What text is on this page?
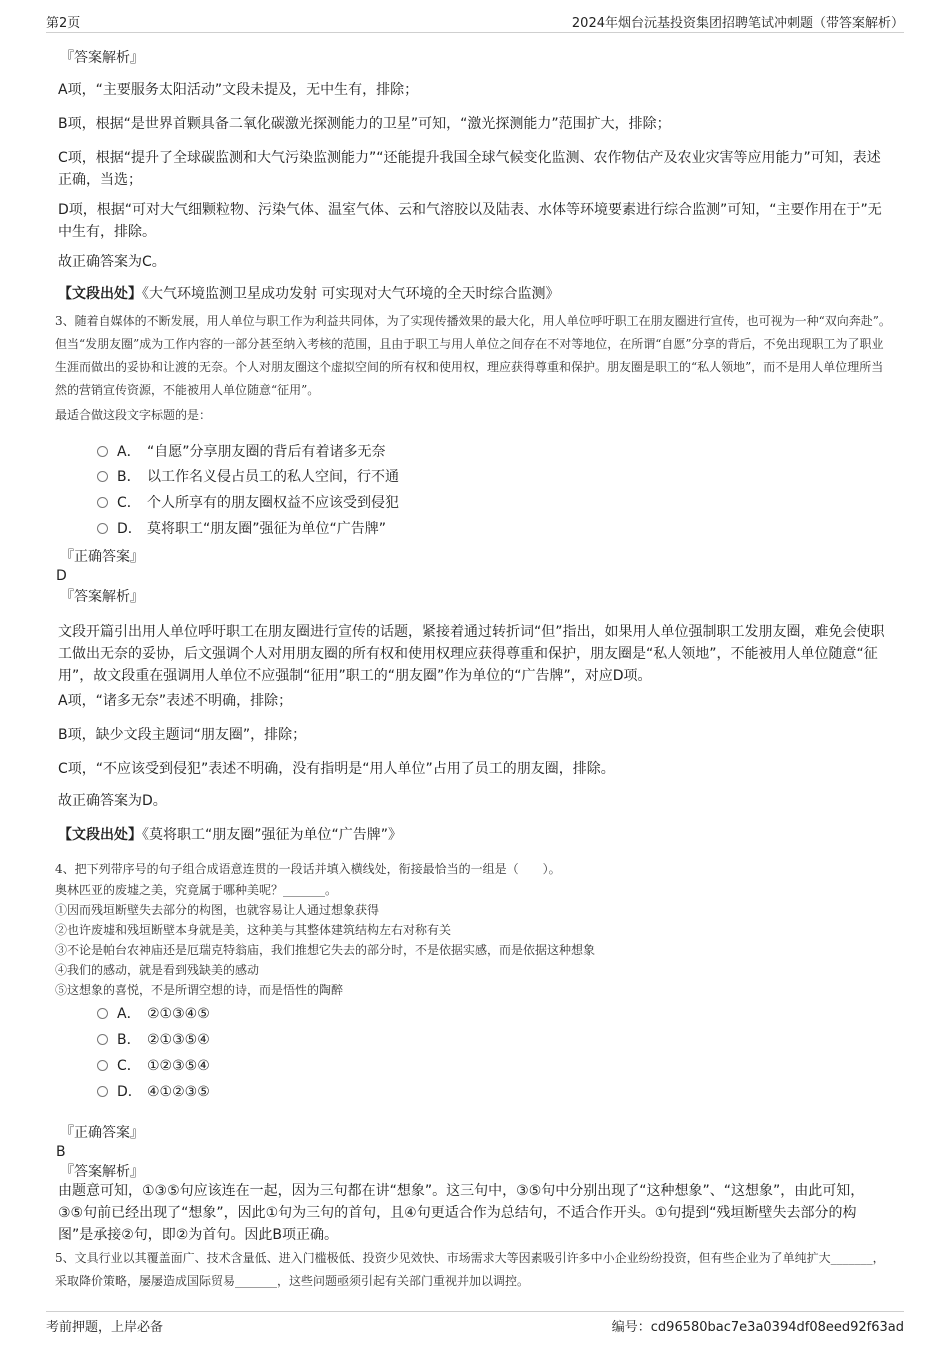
第2页	2024年烟台沅基投资集团招聘笔试冲刺题（带答案解析）
『答案解析』
A项，“主要服务太阳活动”文段未提及，无中生有，排除；
B项，根据“是世界首颗具备二氧化碳激光探测能力的卫星”可知，“激光探测能力”范围扩大，排除；
C项，根据“提升了全球碳监测和大气污染监测能力”“还能提升我国全球气候变化监测、农作物估产及农业灾害等应用能力”可知，表述正确，当选；
D项，根据“可对大气细颗粒物、污染气体、温室气体、云和气溶胶以及陆表、水体等环境要素进行综合监测”可知，“主要作用在于”无中生有，排除。
故正确答案为C。
【文段出处】《大气环境监测卫星成功发射 可实现对大气环境的全天时综合监测》
3、随着自媒体的不断发展，用人单位与职工作为利益共同体，为了实现传播效果的最大化，用人单位呼吁职工在朋友圈进行宣传，也可视为一种“双向奔赴”。但当“发朋友圈”成为工作内容的一部分甚至纳入考核的范围，且由于职工与用人单位之间存在不对等地位，在所谓“自愿”分享的背后，不免出现职工为了职业生涯而做出的妥协和让渡的无奈。个人对朋友圈这个虚拟空间的所有权和使用权，理应获得尊重和保护。朋友圈是职工的“私人领地”，而不是用人单位理所当然的营销宣传资源，不能被用人单位随意“征用”。
最适合做这段文字标题的是：
A． “自愿”分享朋友圈的背后有着诸多无奈
B． 以工作名义侵占员工的私人空间，行不通
C． 个人所享有的朋友圈权益不应该受到侵犯
D． 莫将职工“朋友圈”强征为单位“广告牌”
『正确答案』
D
『答案解析』
文段开篇引出用人单位呼吁职工在朋友圈进行宣传的话题，紧接着通过转折词“但”指出，如果用人单位强制职工发朋友圈，难免会使职工做出无奈的妥协，后文强调个人对用朋友圈的所有权和使用权理应获得尊重和保护，朋友圈是“私人领地”，不能被用人单位随意“征用”，故文段重在强调用人单位不应强制“征用”职工的“朋友圈”作为单位的“广告牌”，对应D项。
A项，“诸多无奈”表述不明确，排除；
B项，缺少文段主题词“朋友圈”，排除；
C项，“不应该受到侵犯”表述不明确，没有指明是“用人单位”占用了员工的朋友圈，排除。
故正确答案为D。
【文段出处】《莫将职工“朋友圈”强征为单位“广告牌”》
4、把下列带序号的句子组合成语意连贯的一段话并填入横线处，衔接最恰当的一组是（　　）。
奥林匹亚的废墟之美，究竟属于哪种美呢？_______。
①因而残垣断壁失去部分的构图，也就容易让人通过想象获得
②也许废墟和残垣断壁本身就是美，这种美与其整体建筑结构左右对称有关
③不论是帕台农神庙还是厄瑞克特翁庙，我们推想它失去的部分时，不是依据实感，而是依据这种想象
④我们的感动，就是看到残缺美的感动
⑤这想象的喜悦，不是所谓空想的诗，而是悟性的陶醉
A． ②①③④⑤
B． ②①③⑤④
C． ①②③⑤④
D． ④①②③⑤
『正确答案』
B
『答案解析』
由题意可知，①③⑤句应该连在一起，因为三句都在讲“想象”。这三句中，③⑤句中分别出现了“这种想象”、“这想象”，由此可知，③⑤句前已经出现了“想象”，因此①句为三句的首句，且④句更适合作为总结句，不适合作开头。①句提到“残垣断壁失去部分的构图”是承接②句，即②为首句。因此B项正确。
5、文具行业以其覆盖面广、技术含量低、进入门槛极低、投资少见效快、市场需求大等因素吸引许多中小企业纷纷投资，但有些企业为了单纯扩大_______，采取降价策略，屡屡造成国际贸易_______，这些问题亟须引起有关部门重视并加以调控。
考前押题，上岸必备	编号：cd96580bac7e3a0394df08eed92f63ad
